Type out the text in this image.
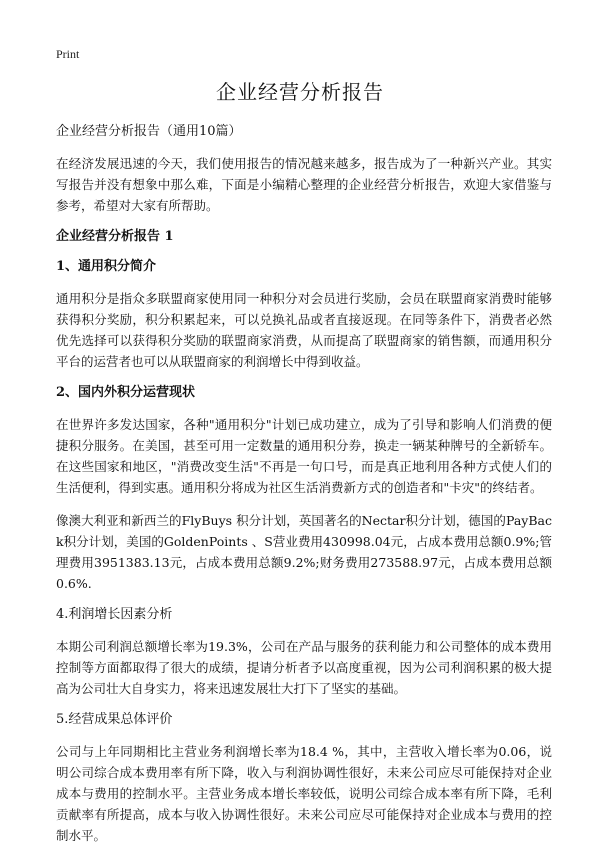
Print
企业经营分析报告
企业经营分析报告（通用10篇）

在经济发展迅速的今天，我们使用报告的情况越来越多，报告成为了一种新兴产业。其实写报告并没有想象中那么难，下面是小编精心整理的企业经营分析报告，欢迎大家借鉴与参考，希望对大家有所帮助。

企业经营分析报告 1
1、通用积分简介

通用积分是指众多联盟商家使用同一种积分对会员进行奖励，会员在联盟商家消费时能够获得积分奖励，积分积累起来，可以兑换礼品或者直接返现。在同等条件下，消费者必然优先选择可以获得积分奖励的联盟商家消费，从而提高了联盟商家的销售额，而通用积分平台的运营者也可以从联盟商家的利润增长中得到收益。

2、国内外积分运营现状

在世界许多发达国家，各种"通用积分"计划已成功建立，成为了引导和影响人们消费的便捷积分服务。在美国，甚至可用一定数量的通用积分券，换走一辆某种牌号的全新轿车。在这些国家和地区，"消费改变生活"不再是一句口号，而是真正地利用各种方式使人们的生活便利，得到实惠。通用积分将成为社区生活消费新方式的创造者和"卡灾"的终结者。

像澳大利亚和新西兰的FlyBuys 积分计划，英国著名的Nectar积分计划，德国的PayBack积分计划，美国的GoldenPoints 、S营业费用430998.04元，占成本费用总额0.9%;管理费用3951383.13元，占成本费用总额9.2%;财务费用273588.97元，占成本费用总额0.6%.

4.利润增长因素分析

本期公司利润总额增长率为19.3%，公司在产品与服务的获利能力和公司整体的成本费用控制等方面都取得了很大的成绩，提请分析者予以高度重视，因为公司利润积累的极大提高为公司壮大自身实力，将来迅速发展壮大打下了坚实的基础。

5.经营成果总体评价

公司与上年同期相比主营业务利润增长率为18.4 %，其中，主营收入增长率为0.06，说明公司综合成本费用率有所下降，收入与利润协调性很好，未来公司应尽可能保持对企业成本与费用的控制水平。主营业务成本增长率较低，说明公司综合成本率有所下降，毛利贡献率有所提高，成本与收入协调性很好。未来公司应尽可能保持对企业成本与费用的控制水平。
